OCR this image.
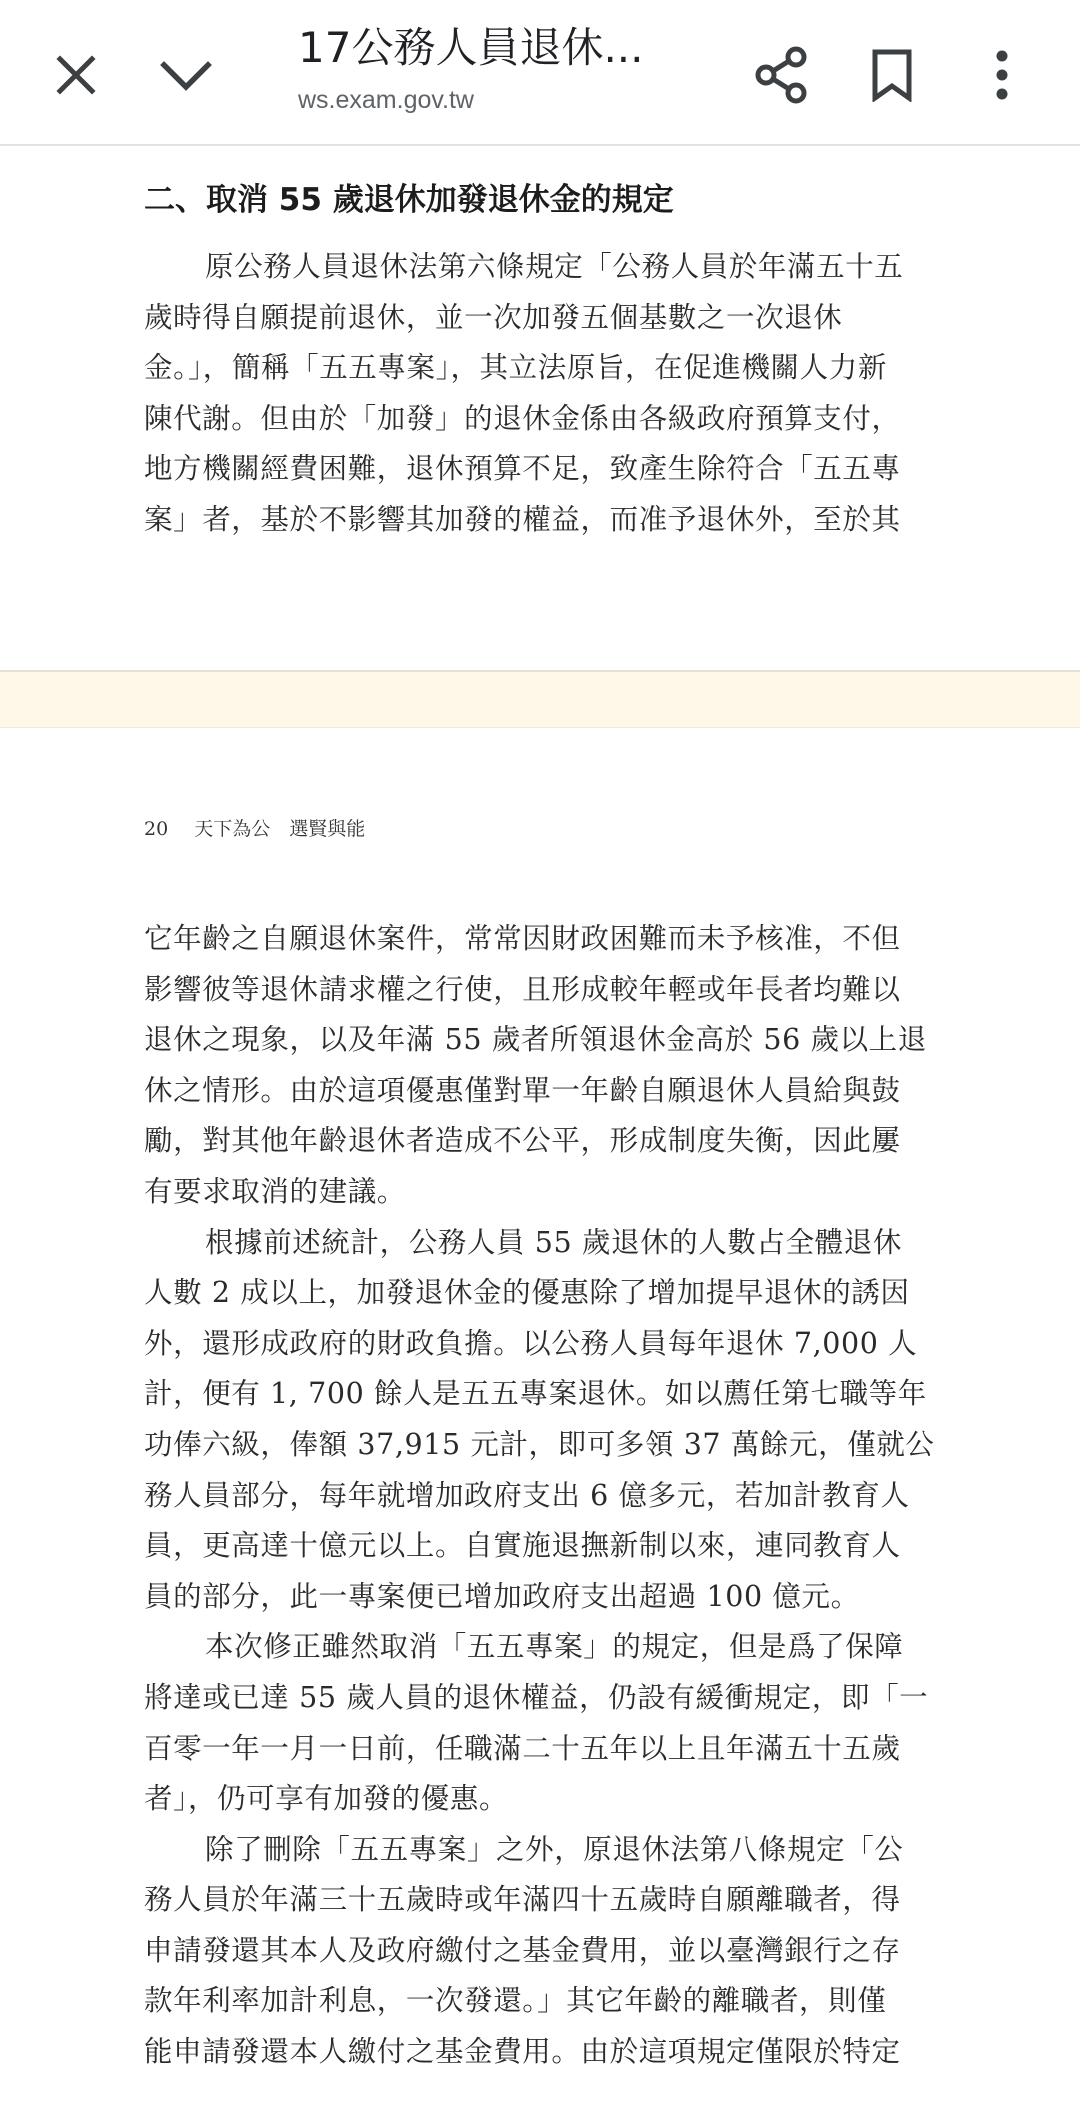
17公務人員退休...
ws.exam.gov.tw
二、取消 55 歲退休加發退休金的規定

原公務人員退休法第六條規定「公務人員於年滿五十五

歲時得自願提前退休，並一次加發五個基數之一次退休

金。」，簡稱「五五專案」，其立法原旨，在促進機關人力新

陳代謝。但由於「加發」的退休金係由各級政府預算支付，

地方機關經費困難，退休預算不足，致產生除符合「五五專

案」者，基於不影響其加發的權益，而准予退休外，至於其

20 天下為公　選賢與能

它年齡之自願退休案件，常常因財政困難而未予核准，不但

影響彼等退休請求權之行使，且形成較年輕或年長者均難以

退休之現象，以及年滿 55 歲者所領退休金高於 56 歲以上退

休之情形。由於這項優惠僅對單一年齡自願退休人員給與鼓

勵，對其他年齡退休者造成不公平，形成制度失衡，因此屢

有要求取消的建議。

根據前述統計，公務人員 55 歲退休的人數占全體退休

人數 2 成以上，加發退休金的優惠除了增加提早退休的誘因

外，還形成政府的財政負擔。以公務人員每年退休 7,000 人

計，便有 1, 700 餘人是五五專案退休。如以薦任第七職等年

功俸六級，俸額 37,915 元計，即可多領 37 萬餘元，僅就公

務人員部分，每年就增加政府支出 6 億多元，若加計教育人

員，更高達十億元以上。自實施退撫新制以來，連同教育人

員的部分，此一專案便已增加政府支出超過 100 億元。

本次修正雖然取消「五五專案」的規定，但是爲了保障

將達或已達 55 歲人員的退休權益，仍設有緩衝規定，即「一

百零一年一月一日前，任職滿二十五年以上且年滿五十五歲

者」，仍可享有加發的優惠。

除了刪除「五五專案」之外，原退休法第八條規定「公

務人員於年滿三十五歲時或年滿四十五歲時自願離職者，得

申請發還其本人及政府繳付之基金費用，並以臺灣銀行之存

款年利率加計利息，一次發還。」其它年齡的離職者，則僅

能申請發還本人繳付之基金費用。由於這項規定僅限於特定
